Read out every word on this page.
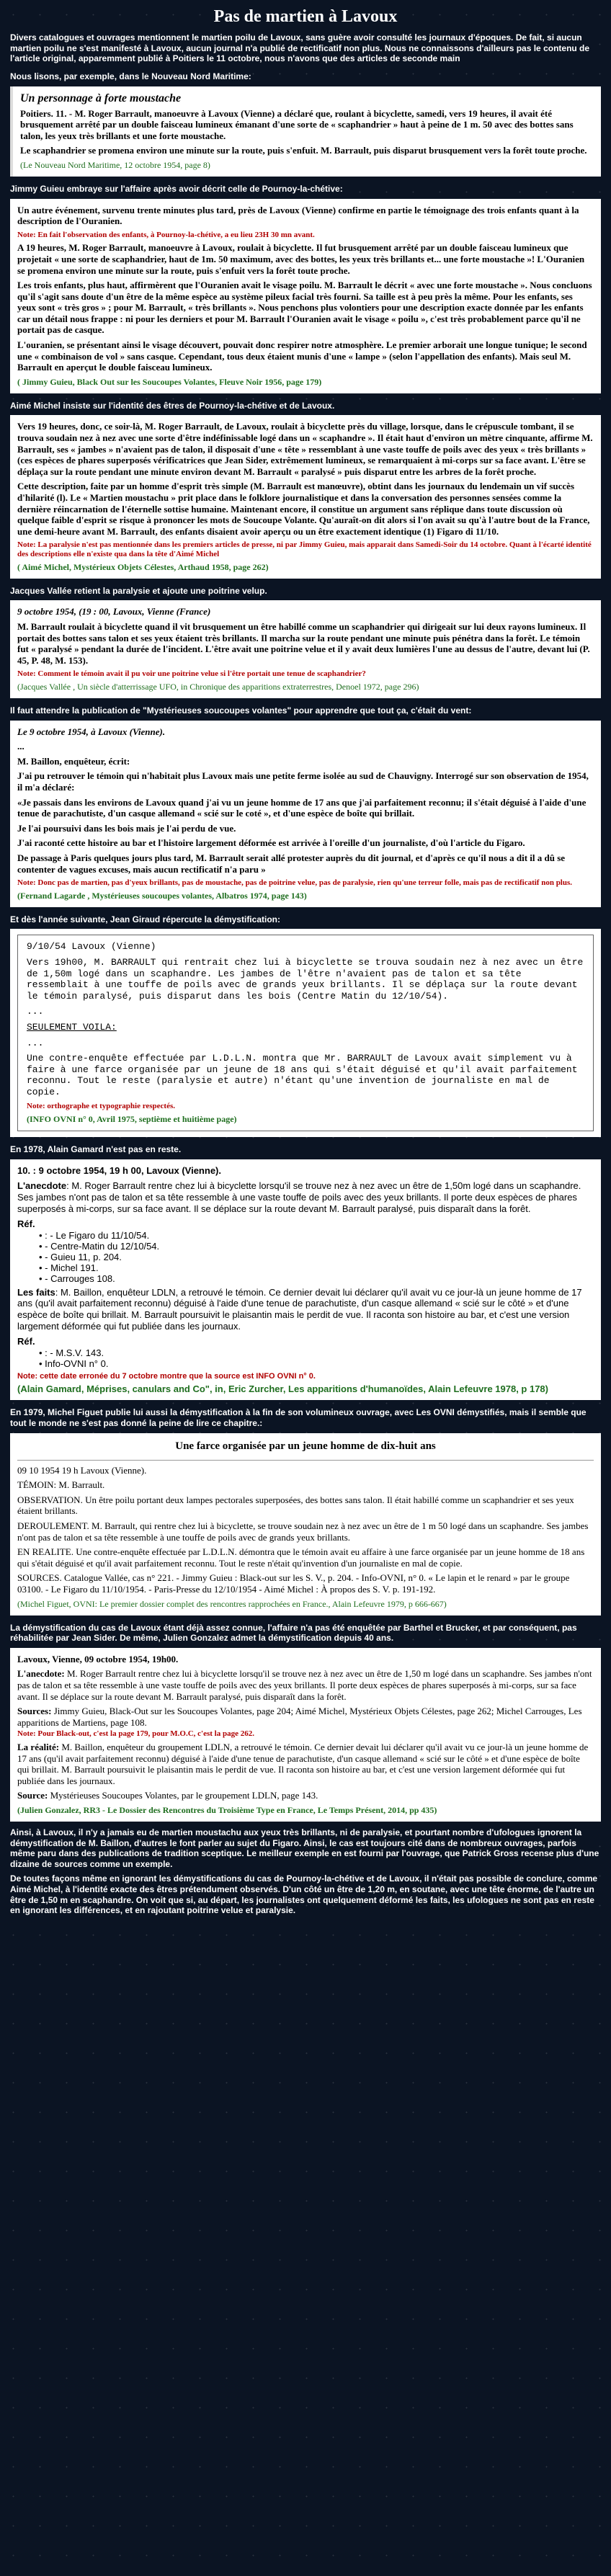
Pas de martien à Lavoux

Divers catalogues et ouvrages mentionnent le martien poilu de Lavoux, sans guère avoir consulté les journaux d'époques. De fait, si aucun martien poilu ne s'est manifesté à Lavoux, aucun journal n'a publié de rectificatif non plus. Nous ne connaissons d'ailleurs pas le contenu de l'article original, apparemment publié à Poitiers le 11 octobre, nous n'avons que des articles de seconde main

Nous lisons, par exemple, dans le Nouveau Nord Maritime:

Un personnage à forte moustache

Poitiers. 11. - M. Roger Barrault, manoeuvre à Lavoux (Vienne) a déclaré que, roulant à bicyclette, samedi, vers 19 heures, il avait été brusquement arrêté par un double faisceau lumineux émanant d'une sorte de « scaphandrier » haut à peine de 1 m. 50 avec des bottes sans talon, les yeux très brillants et une forte moustache.

Le scaphandrier se promena environ une minute sur la route, puis s'enfuit. M. Barrault, puis disparut brusquement vers la forêt toute proche.

(Le Nouveau Nord Maritime, 12 octobre 1954, page 8)

Jimmy Guieu embraye sur l'affaire après avoir décrit celle de Pournoy-la-chétive:

Un autre événement, survenu trente minutes plus tard, près de Lavoux (Vienne) confirme en partie le témoignage des trois enfants quant à la description de l'Ouranien.

Note: En fait l'observation des enfants, à Pournoy-la-chétive, a eu lieu 23H 30 mn avant.

A 19 heures, M. Roger Barrault, manoeuvre à Lavoux, roulait à bicyclette. Il fut brusquement arrêté par un double faisceau lumineux que projetait « une sorte de scaphandrier, haut de 1m. 50 maximum, avec des bottes, les yeux très brillants et... une forte moustache »! L'Ouranien se promena environ une minute sur la route, puis s'enfuit vers la forêt toute proche.

Les trois enfants, plus haut, affirmèrent que l'Ouranien avait le visage poilu. M. Barrault le décrit « avec une forte moustache ». Nous concluons qu'il s'agit sans doute d'un être de la même espèce au système pileux facial très fourni. Sa taille est à peu près la même. Pour les enfants, ses yeux sont « très gros » ; pour M. Barrault, « très brillants ». Nous penchons plus volontiers pour une description exacte donnée par les enfants car un détail nous frappe : ni pour les derniers et pour M. Barrault l'Ouranien avait le visage « poilu », c'est très probablement parce qu'il ne portait pas de casque.

L'ouranien, se présentant ainsi le visage découvert, pouvait donc respirer notre atmosphère. Le premier arborait une longue tunique; le second une « combinaison de vol » sans casque. Cependant, tous deux étaient munis d'une « lampe » (selon l'appellation des enfants). Mais seul M. Barrault en aperçut le double faisceau lumineux.

( Jimmy Guieu, Black Out sur les Soucoupes Volantes, Fleuve Noir 1956, page 179)

Aimé Michel insiste sur l'identité des êtres de Pournoy-la-chétive et de Lavoux.

Vers 19 heures, donc, ce soir-là, M. Roger Barrault, de Lavoux, roulait à bicyclette près du village, lorsque, dans le crépuscule tombant, il se trouva soudain nez à nez avec une sorte d'être indéfinissable logé dans un « scaphandre ». Il était haut d'environ un mètre cinquante, affirme M. Barrault, ses « jambes » n'avaient pas de talon, il disposait d'une « tête » ressemblant à une vaste touffe de poils avec des yeux « très brillants » (ces espèces de phares superposés vérificatrices que Jean Sider, extrêmement lumineux, se remarquaient à mi-corps sur sa face avant. L'être se déplaça sur la route pendant une minute environ devant M. Barrault « paralysé » puis disparut entre les arbres de la forêt proche.

Cette description, faite par un homme d'esprit très simple (M. Barrault est manœuvre), obtint dans les journaux du lendemain un vif succès d'hilarité (l). Le « Martien moustachu » prit place dans le folklore journalistique et dans la conversation des personnes sensées comme la dernière réincarnation de l'éternelle sottise humaine. Maintenant encore, il constitue un argument sans réplique dans toute discussion où quelque faible d'esprit se risque à prononcer les mots de Soucoupe Volante. Qu'auraît-on dit alors si l'on avait su qu'à l'autre bout de la France, une demi-heure avant M. Barrault, des enfants disaient avoir aperçu ou un être exactement identique (1) Figaro di 11/10.

Note: La paralysie n'est pas mentionnée dans les premiers articles de presse, ni par Jimmy Guieu, mais apparait dans Samedi-Soir du 14 octobre. Quant à l'écarté identité des descriptions elle n'existe qua dans la tête d'Aimé Michel
( Aimé Michel, Mystérieux Objets Célestes, Arthaud 1958, page 262)

Jacques Vallée retient la paralysie et ajoute une poitrine velup.

9 octobre 1954, (19 : 00, Lavoux, Vienne (France)

M. Barrault roulait à bicyclette quand il vit brusquement un être habillé comme un scaphandrier qui dirigeait sur lui deux rayons lumineux. Il portait des bottes sans talon et ses yeux étaient très brillants. Il marcha sur la route pendant une minute puis pénétra dans la forêt. Le témoin fut « paralysé » pendant la durée de l'incident. L'être avait une poitrine velue et il y avait deux lumières l'une au dessus de l'autre, devant lui (P. 45, P. 48, M. 153).

Note: Comment le témoin avait il pu voir une poitrine velue si l'être portait une tenue de scaphandrier?
(Jacques Vallée , Un siècle d'atterrissage UFO, in Chronique des apparitions extraterrestres, Denoel 1972, page 296)

Il faut attendre la publication de "Mystérieuses soucoupes volantes" pour apprendre que tout ça, c'était du vent:

Le 9 octobre 1954, à Lavoux (Vienne).

...

M. Baillon, enquêteur, écrit:

J'ai pu retrouver le témoin qui n'habitait plus Lavoux mais une petite ferme isolée au sud de Chauvigny. Interrogé sur son observation de 1954, il m'a déclaré:

«Je passais dans les environs de Lavoux quand j'ai vu un jeune homme de 17 ans que j'ai parfaitement reconnu; il s'était déguisé à l'aide d'une tenue de parachutiste, d'un casque allemand « scié sur le coté », et d'une espèce de boîte qui brillait.

Je l'ai poursuivi dans les bois mais je l'ai perdu de vue.

J'ai raconté cette histoire au bar et l'histoire largement déformée est arrivée à l'oreille d'un journaliste, d'où l'article du Figaro.

De passage à Paris quelques jours plus tard, M. Barrault serait allé protester auprès du dit journal, et d'après ce qu'il nous a dit il a dû se contenter de vagues excuses, mais aucun rectificatif n'a paru »

Note: Donc pas de martien, pas d'yeux brillants, pas de moustache, pas de poitrine velue, pas de paralysie, rien qu'une terreur folle, mais pas de rectificatif non plus.
(Fernand Lagarde , Mystérieuses soucoupes volantes, Albatros 1974, page 143)

Et dès l'année suivante, Jean Giraud répercute la démystification:

9/10/54 Lavoux (Vienne)

Vers 19h00, M. BARRAULT qui rentrait chez lui à bicyclette se trouva soudain nez à nez avec un être de 1,50m logé dans un scaphandre. Les jambes de l'être n'avaient pas de talon et sa tête ressemblait à une touffe de poils avec de grands yeux brillants. Il se déplaça sur la route devant le témoin paralysé, puis disparut dans les bois (Centre Matin du 12/10/54).

...

SEULEMENT VOILA:

...

Une contre-enquête effectuée par L.D.L.N. montra que Mr. BARRAULT de Lavoux avait simplement vu à faire à une farce organisée par un jeune de 18 ans qui s'était déguisé et qu'il avait parfaitement reconnu. Tout le reste (paralysie et autre) n'étant qu'une invention de journaliste en mal de copie.

Note: orthographe et typographie respectés.
(INFO OVNI n° 0, Avril 1975, septième et huitième page)

En 1978, Alain Gamard n'est pas en reste.

10. : 9 octobre 1954, 19 h 00, Lavoux (Vienne).

L'anecdote: M. Roger Barrault rentre chez lui à bicyclette lorsqu'il se trouve nez à nez avec un être de 1,50m logé dans un scaphandre. Ses jambes n'ont pas de talon et sa tête ressemble à une vaste touffe de poils avec des yeux brillants. Il porte deux espèces de phares superposés à mi-corps, sur sa face avant. Il se déplace sur la route devant M. Barrault paralysé, puis disparaît dans la forêt.

Réf.

• : - Le Figaro du 11/10/54.
• - Centre-Matin du 12/10/54.
• - Guieu 11, p. 204.
• - Michel 191.
• - Carrouges 108.

Les faits: M. Baillon, enquêteur LDLN, a retrouvé le témoin. Ce dernier devait lui déclarer qu'il avait vu ce jour-là un jeune homme de 17 ans (qu'il avait parfaitement reconnu) déguisé à l'aide d'une tenue de parachutiste, d'un casque allemand « scié sur le côté » et d'une espèce de boîte qui brillait. M. Barrault poursuivit le plaisantin mais le perdit de vue. Il raconta son histoire au bar, et c'est une version largement déformée qui fut publiée dans les journaux.

Réf.

• : - M.S.V. 143.
• Info-OVNI n° 0.
Note: cette date erronée du 7 octobre montre que la source est INFO OVNI n° 0.
(Alain Gamard, Méprises, canulars and Co", in, Eric Zurcher, Les apparitions d'humanoïdes, Alain Lefeuvre 1978, p 178)

En 1979, Michel Figuet publie lui aussi la démystification à la fin de son volumineux ouvrage, avec Les OVNI démystifiés, mais il semble que tout le monde ne s'est pas donné la peine de lire ce chapitre.:

Une farce organisée par un jeune homme de dix-huit ans

09 10 1954 19 h Lavoux (Vienne).

TÉMOIN: M. Barrault.

OBSERVATION. Un être poilu portant deux lampes pectorales superposées, des bottes sans talon. Il était habillé comme un scaphandrier et ses yeux étaient brillants.

DEROULEMENT. M. Barrault, qui rentre chez lui à bicyclette, se trouve soudain nez à nez avec un être de 1 m 50 logé dans un scaphandre. Ses jambes n'ont pas de talon et sa tête ressemble à une touffe de poils avec de grands yeux brillants.

EN REALITE. Une contre-enquête effectuée par L.D.L.N. démontra que le témoin avait eu affaire à une farce organisée par un jeune homme de 18 ans qui s'était déguisé et qu'il avait parfaitement reconnu. Tout le reste n'était qu'invention d'un journaliste en mal de copie.

SOURCES. Catalogue Vallée, cas n° 221. - Jimmy Guieu : Black-out sur les S. V., p. 204. - Info-OVNI, n° 0. « Le lapin et le renard » par le groupe 03100. - Le Figaro du 11/10/1954. - Paris-Presse du 12/10/1954 - Aimé Michel : À propos des S. V. p. 191-192.

(Michel Figuet, OVNI: Le premier dossier complet des rencontres rapprochées en France., Alain Lefeuvre 1979, p 666-667)

La démystification du cas de Lavoux étant déjà assez connue, l'affaire n'a pas été enquêtée par Barthel et Brucker, et par conséquent, pas réhabilitée par Jean Sider. De même, Julien Gonzalez admet la démystification depuis 40 ans.

Lavoux, Vienne, 09 octobre 1954, 19h00.

L'anecdote: M. Roger Barrault rentre chez lui à bicyclette lorsqu'il se trouve nez à nez avec un être de 1,50 m logé dans un scaphandre. Ses jambes n'ont pas de talon et sa tête ressemble à une vaste touffe de poils avec des yeux brillants. Il porte deux espèces de phares superposés à mi-corps, sur sa face avant. Il se déplace sur la route devant M. Barrault paralysé, puis disparaît dans la forêt.

Sources: Jimmy Guieu, Black-Out sur les Soucoupes Volantes, page 204; Aimé Michel, Mystérieux Objets Célestes, page 262; Michel Carrouges, Les apparitions de Martiens, page 108.

Note: Pour Black-out, c'est la page 179, pour M.O.C, c'est la page 262.

La réalité: M. Baillon, enquêteur du groupement LDLN, a retrouvé le témoin. Ce dernier devait lui déclarer qu'il avait vu ce jour-là un jeune homme de 17 ans (qu'il avait parfaitement reconnu) déguisé à l'aide d'une tenue de parachutiste, d'un casque allemand « scié sur le côté » et d'une espèce de boîte qui brillait. M. Barrault poursuivit le plaisantin mais le perdit de vue. Il raconta son histoire au bar, et c'est une version largement déformée qui fut publiée dans les journaux.

Source: Mystérieuses Soucoupes Volantes, par le groupement LDLN, page 143.

(Julien Gonzalez, RR3 - Le Dossier des Rencontres du Troisième Type en France, Le Temps Présent, 2014, pp 435)

Ainsi, à Lavoux, il n'y a jamais eu de martien moustachu aux yeux très brillants, ni de paralysie, et pourtant nombre d'ufologues ignorent la démystification de M. Baillon, d'autres le font parler au sujet du Figaro. Ainsi, le cas est toujours cité dans de nombreux ouvrages, parfois même paru dans des publications de tradition sceptique. Le meilleur exemple en est fourni par l'ouvrage, que Patrick Gross recense plus d'une dizaine de sources comme un exemple.

De toutes façons même en ignorant les démystifications du cas de Pournoy-la-chétive et de Lavoux, il n'était pas possible de conclure, comme Aimé Michel, à l'identité exacte des êtres prétendument observés. D'un côté un être de 1,20 m, en soutane, avec une tête énorme, de l'autre un être de 1,50 m en scaphandre. On voit que si, au départ, les journalistes ont quelquement déformé les faits, les ufologues ne sont pas en reste en ignorant les différences, et en rajoutant poitrine velue et paralysie.
